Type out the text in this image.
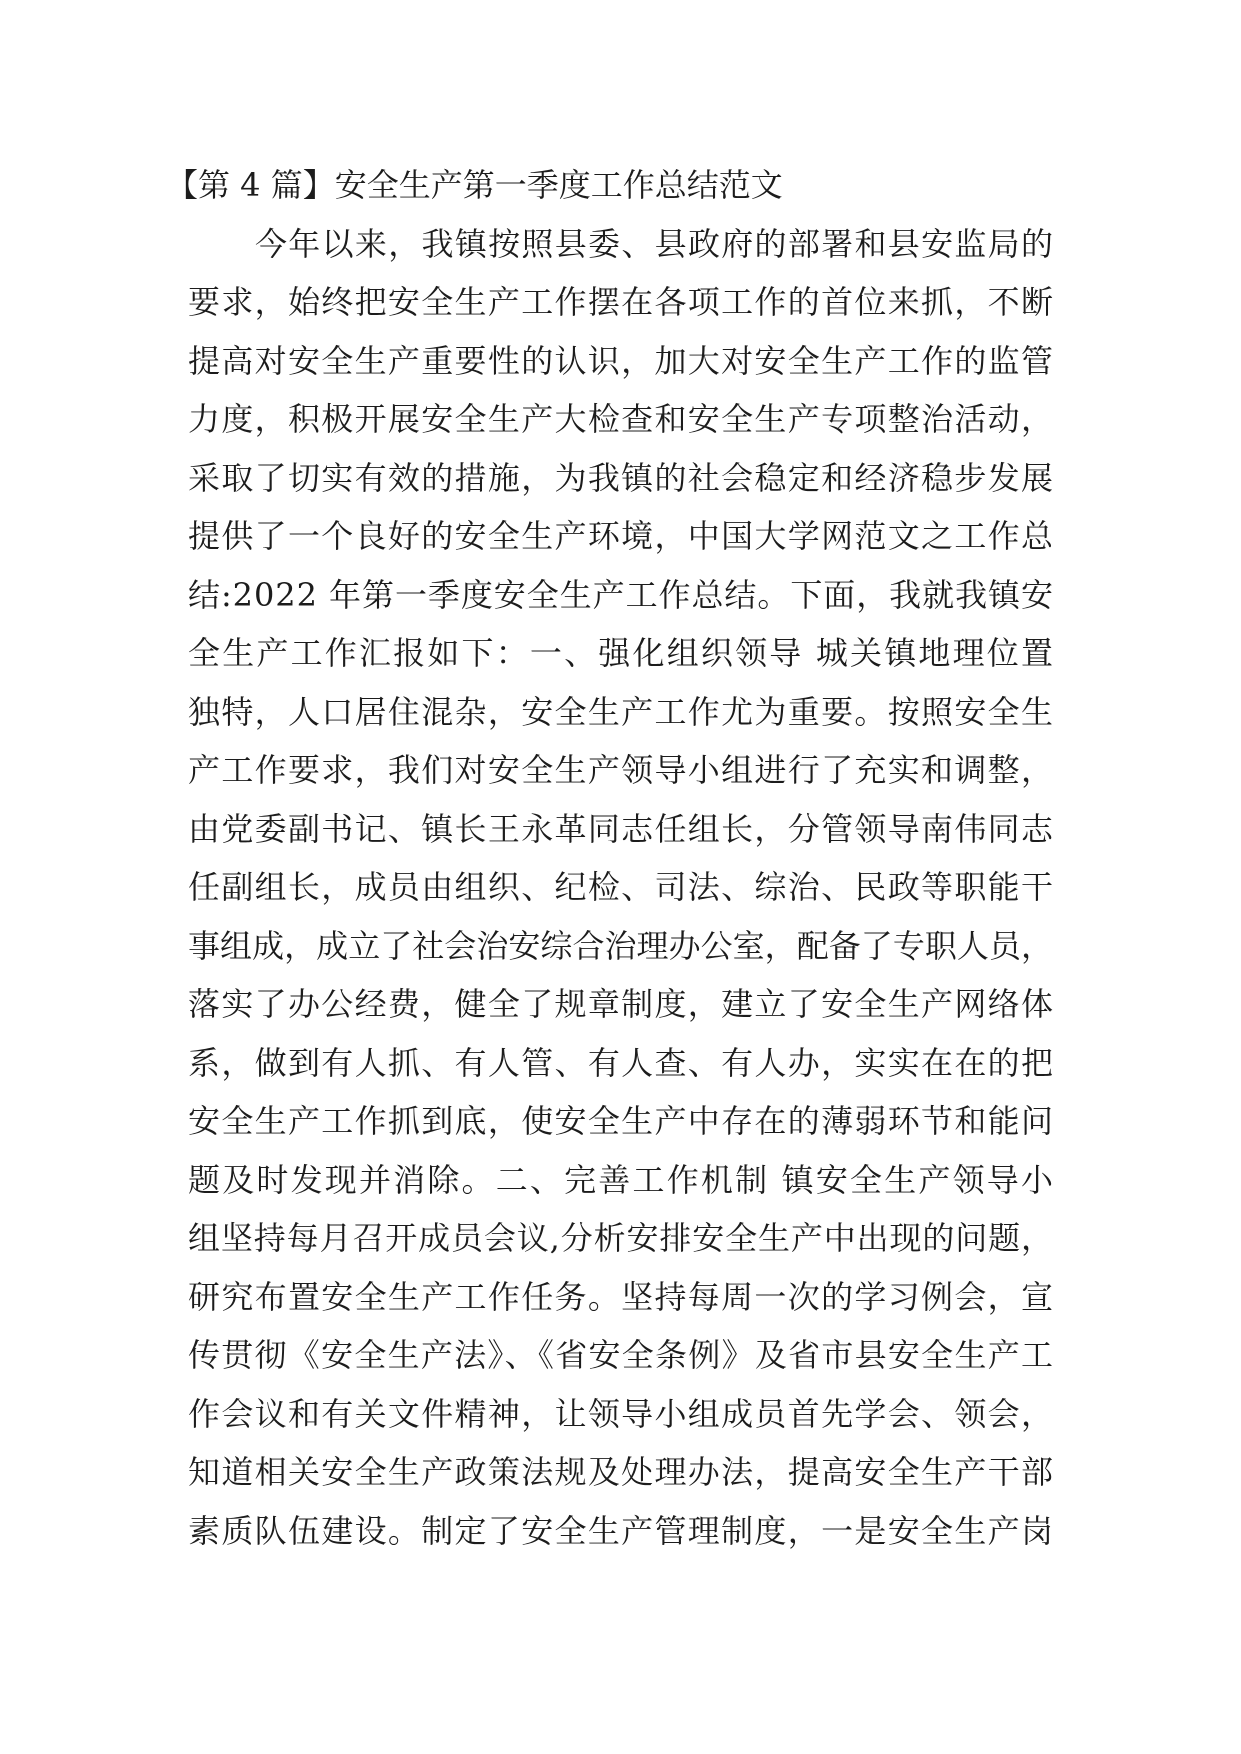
【第 4 篇】安全生产第一季度工作总结范文
今年以来，我镇按照县委、县政府的部署和县安监局的
要求，始终把安全生产工作摆在各项工作的首位来抓，不断
提高对安全生产重要性的认识，加大对安全生产工作的监管
力度，积极开展安全生产大检查和安全生产专项整治活动，
采取了切实有效的措施，为我镇的社会稳定和经济稳步发展
提供了一个良好的安全生产环境，中国大学网范文之工作总
结:2022 年第一季度安全生产工作总结。下面，我就我镇安
全生产工作汇报如下：一、强化组织领导 城关镇地理位置
独特，人口居住混杂，安全生产工作尤为重要。按照安全生
产工作要求，我们对安全生产领导小组进行了充实和调整，
由党委副书记、镇长王永革同志任组长，分管领导南伟同志
任副组长，成员由组织、纪检、司法、综治、民政等职能干
事组成，成立了社会治安综合治理办公室，配备了专职人员，
落实了办公经费，健全了规章制度，建立了安全生产网络体
系，做到有人抓、有人管、有人查、有人办，实实在在的把
安全生产工作抓到底，使安全生产中存在的薄弱环节和能问
题及时发现并消除。二、完善工作机制 镇安全生产领导小
组坚持每月召开成员会议,分析安排安全生产中出现的问题，
研究布置安全生产工作任务。坚持每周一次的学习例会，宣
传贯彻《安全生产法》、《省安全条例》及省市县安全生产工
作会议和有关文件精神，让领导小组成员首先学会、领会，
知道相关安全生产政策法规及处理办法，提高安全生产干部
素质队伍建设。制定了安全生产管理制度，一是安全生产岗
